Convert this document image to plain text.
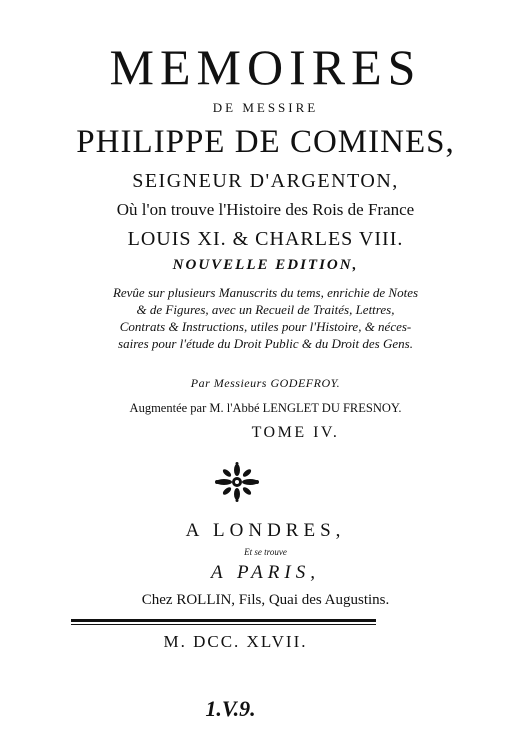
MEMOIRES
DE MESSIRE
PHILIPPE DE COMINES,
SEIGNEUR D'ARGENTON,
Où l'on trouve l'Histoire des Rois de France
LOUIS XI. & CHARLES VIII.
NOUVELLE EDITION,
Revûe sur plusieurs Manuscrits du tems, enrichie de Notes
& de Figures, avec un Recueil de Traités, Lettres,
Contrats & Instructions, utiles pour l'Histoire, & néces-
saires pour l'étude du Droit Public & du Droit des Gens.
Par Messieurs GODEFROY.
Augmentée par M. l'Abbé LENGLET DU FRESNOY.
TOME IV.
A LONDRES,
Et se trouve
A PARIS,
Chez ROLLIN, Fils, Quai des Augustins.
M. DCC. XLVII.
1.V.9.
